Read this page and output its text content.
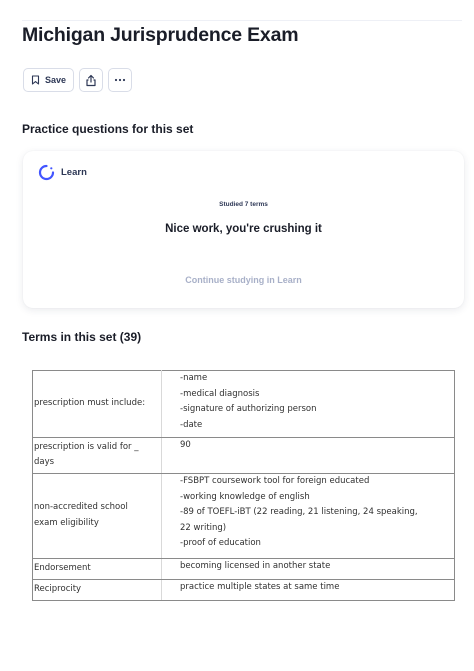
Michigan Jurisprudence Exam
Save
Practice questions for this set
Learn
Studied 7 terms
Nice work, you're crushing it
Continue studying in Learn
Terms in this set (39)
prescription must include:	-name
-medical diagnosis
-signature of authorizing person
-date

prescription is valid for _
days	90

non-accredited school
exam eligibility	-FSBPT coursework tool for foreign educated
-working knowledge of english
-89 of TOEFL-iBT (22 reading, 21 listening, 24 speaking,
22 writing)
-proof of education

Endorsement	becoming licensed in another state

Reciprocity	practice multiple states at same time
